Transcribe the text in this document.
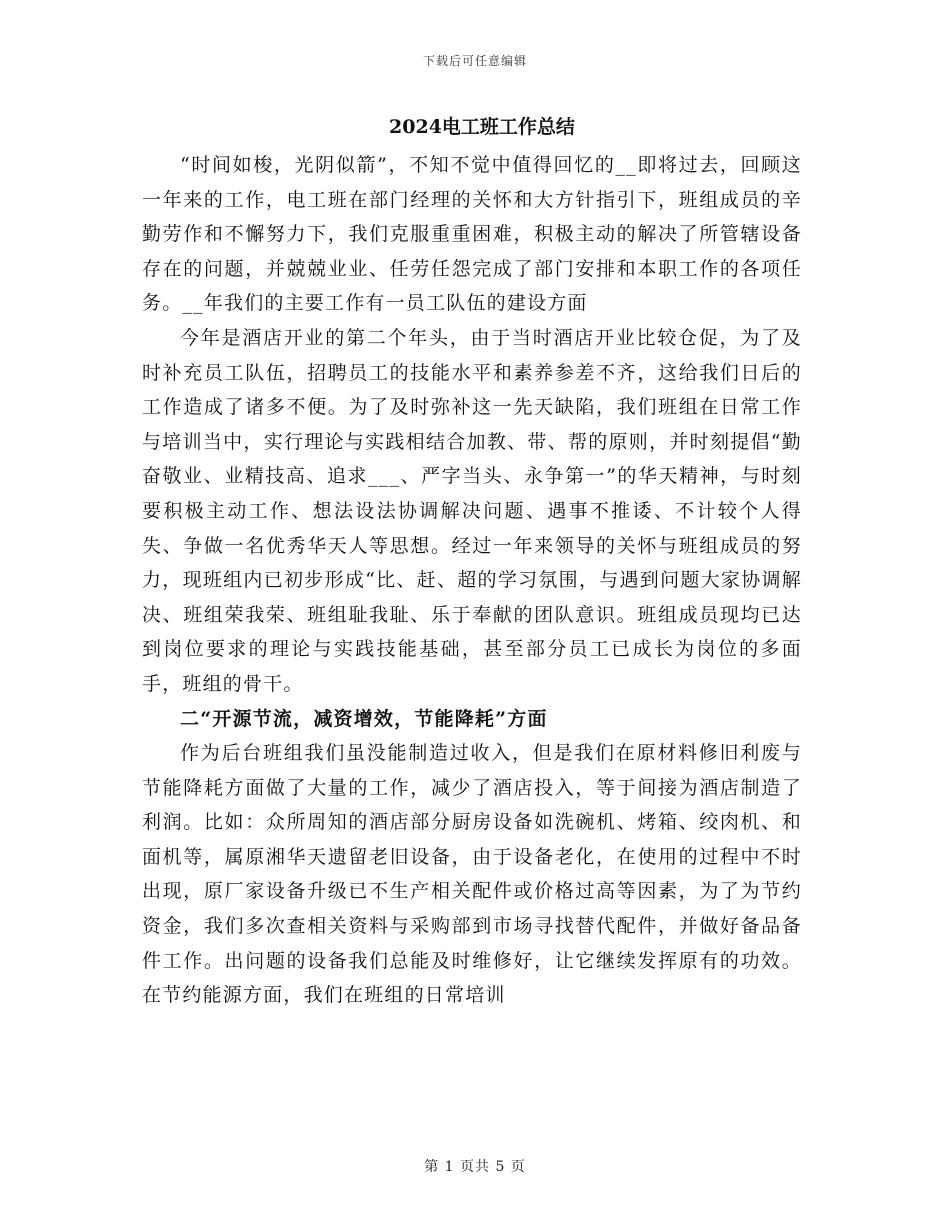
下载后可任意编辑
2024电工班工作总结

“时间如梭，光阴似箭”，不知不觉中值得回忆的__即将过去，回顾这一年来的工作，电工班在部门经理的关怀和大方针指引下，班组成员的辛勤劳作和不懈努力下，我们克服重重困难，积极主动的解决了所管辖设备存在的问题，并兢兢业业、任劳任怨完成了部门安排和本职工作的各项任务。__年我们的主要工作有一员工队伍的建设方面

今年是酒店开业的第二个年头，由于当时酒店开业比较仓促，为了及时补充员工队伍，招聘员工的技能水平和素养参差不齐，这给我们日后的工作造成了诸多不便。为了及时弥补这一先天缺陷，我们班组在日常工作与培训当中，实行理论与实践相结合加教、带、帮的原则，并时刻提倡“勤奋敬业、业精技高、追求___、严字当头、永争第一”的华天精神，与时刻要积极主动工作、想法设法协调解决问题、遇事不推诿、不计较个人得失、争做一名优秀华天人等思想。经过一年来领导的关怀与班组成员的努力，现班组内已初步形成“比、赶、超的学习氛围，与遇到问题大家协调解决、班组荣我荣、班组耻我耻、乐于奉献的团队意识。班组成员现均已达到岗位要求的理论与实践技能基础，甚至部分员工已成长为岗位的多面手，班组的骨干。

二“开源节流，减资增效，节能降耗”方面

作为后台班组我们虽没能制造过收入，但是我们在原材料修旧利废与节能降耗方面做了大量的工作，减少了酒店投入，等于间接为酒店制造了利润。比如：众所周知的酒店部分厨房设备如洗碗机、烤箱、绞肉机、和面机等，属原湘华天遗留老旧设备，由于设备老化，在使用的过程中不时出现，原厂家设备升级已不生产相关配件或价格过高等因素，为了为节约资金，我们多次查相关资料与采购部到市场寻找替代配件，并做好备品备件工作。出问题的设备我们总能及时维修好，让它继续发挥原有的功效。在节约能源方面，我们在班组的日常培训

第 1 页共 5 页
